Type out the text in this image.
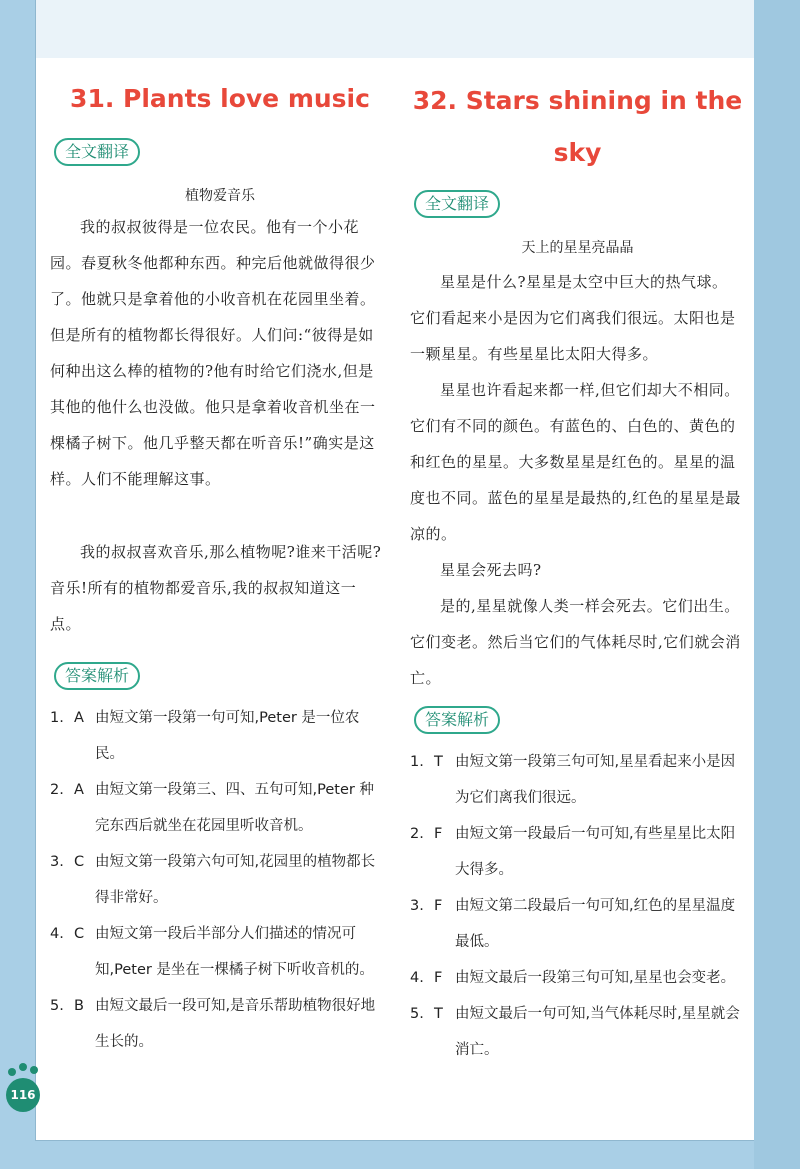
31. Plants love music
全文翻译
植物爱音乐

我的叔叔彼得是一位农民。他有一个小花园。春夏秋冬他都种东西。种完后他就做得很少了。他就只是拿着他的小收音机在花园里坐着。但是所有的植物都长得很好。人们问:“彼得是如何种出这么棒的植物的?他有时给它们浇水,但是其他的他什么也没做。他只是拿着收音机坐在一棵橘子树下。他几乎整天都在听音乐!”确实是这样。人们不能理解这事。

我的叔叔喜欢音乐,那么植物呢?谁来干活呢?音乐!所有的植物都爱音乐,我的叔叔知道这一点。

答案解析
1. A 由短文第一段第一句可知,Peter 是一位农民。
2. A 由短文第一段第三、四、五句可知,Peter 种完东西后就坐在花园里听收音机。
3. C 由短文第一段第六句可知,花园里的植物都长得非常好。
4. C 由短文第一段后半部分人们描述的情况可知,Peter 是坐在一棵橘子树下听收音机的。
5. B 由短文最后一段可知,是音乐帮助植物很好地生长的。
32. Stars shining in the
sky
全文翻译
天上的星星亮晶晶

星星是什么?星星是太空中巨大的热气球。它们看起来小是因为它们离我们很远。太阳也是一颗星星。有些星星比太阳大得多。

星星也许看起来都一样,但它们却大不相同。它们有不同的颜色。有蓝色的、白色的、黄色的和红色的星星。大多数星星是红色的。星星的温度也不同。蓝色的星星是最热的,红色的星星是最凉的。

星星会死去吗?

是的,星星就像人类一样会死去。它们出生。它们变老。然后当它们的气体耗尽时,它们就会消亡。

答案解析
1. T 由短文第一段第三句可知,星星看起来小是因为它们离我们很远。
2. F 由短文第一段最后一句可知,有些星星比太阳大得多。
3. F 由短文第二段最后一句可知,红色的星星温度最低。
4. F 由短文最后一段第三句可知,星星也会变老。
5. T 由短文最后一句可知,当气体耗尽时,星星就会消亡。
116
